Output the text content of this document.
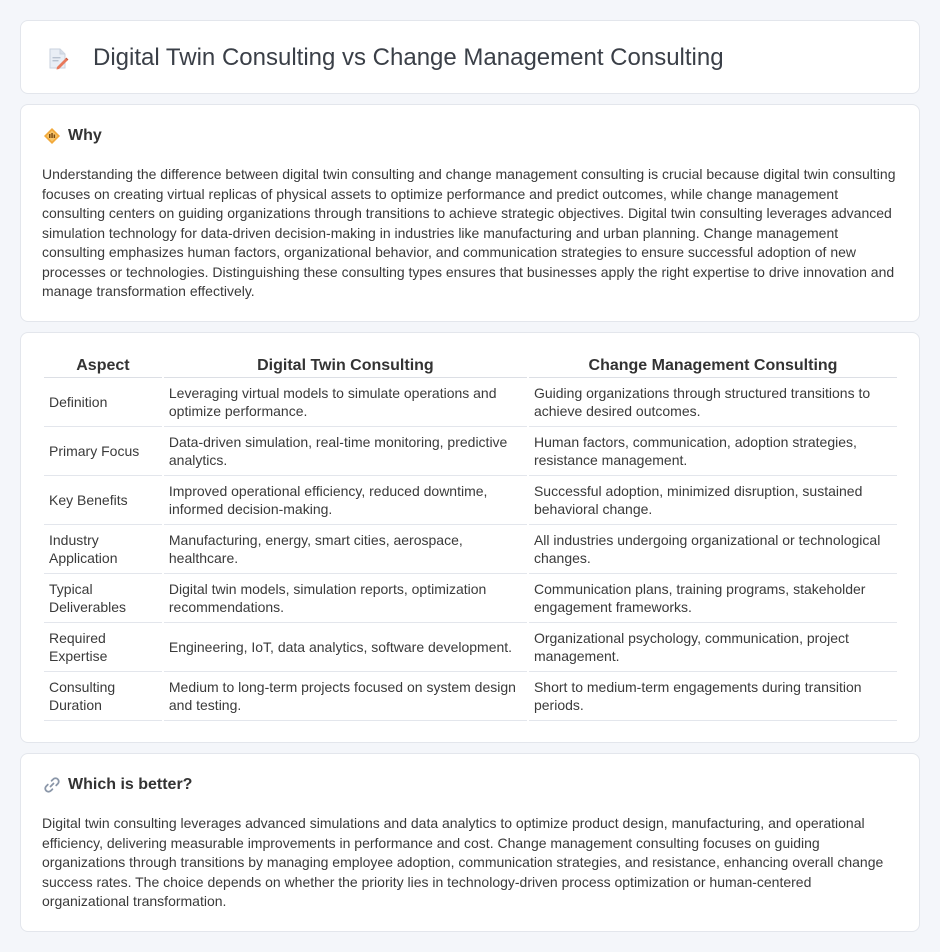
Digital Twin Consulting vs Change Management Consulting
Why

Understanding the difference between digital twin consulting and change management consulting is crucial because digital twin consulting focuses on creating virtual replicas of physical assets to optimize performance and predict outcomes, while change management consulting centers on guiding organizations through transitions to achieve strategic objectives. Digital twin consulting leverages advanced simulation technology for data-driven decision-making in industries like manufacturing and urban planning. Change management consulting emphasizes human factors, organizational behavior, and communication strategies to ensure successful adoption of new processes or technologies. Distinguishing these consulting types ensures that businesses apply the right expertise to drive innovation and manage transformation effectively.

Aspect	Digital Twin Consulting	Change Management Consulting
Definition	Leveraging virtual models to simulate operations and optimize performance.	Guiding organizations through structured transitions to achieve desired outcomes.
Primary Focus	Data-driven simulation, real-time monitoring, predictive analytics.	Human factors, communication, adoption strategies, resistance management.
Key Benefits	Improved operational efficiency, reduced downtime, informed decision-making.	Successful adoption, minimized disruption, sustained behavioral change.
Industry Application	Manufacturing, energy, smart cities, aerospace, healthcare.	All industries undergoing organizational or technological changes.
Typical Deliverables	Digital twin models, simulation reports, optimization recommendations.	Communication plans, training programs, stakeholder engagement frameworks.
Required Expertise	Engineering, IoT, data analytics, software development.	Organizational psychology, communication, project management.
Consulting Duration	Medium to long-term projects focused on system design and testing.	Short to medium-term engagements during transition periods.
Which is better?

Digital twin consulting leverages advanced simulations and data analytics to optimize product design, manufacturing, and operational efficiency, delivering measurable improvements in performance and cost. Change management consulting focuses on guiding organizations through transitions by managing employee adoption, communication strategies, and resistance, enhancing overall change success rates. The choice depends on whether the priority lies in technology-driven process optimization or human-centered organizational transformation.
